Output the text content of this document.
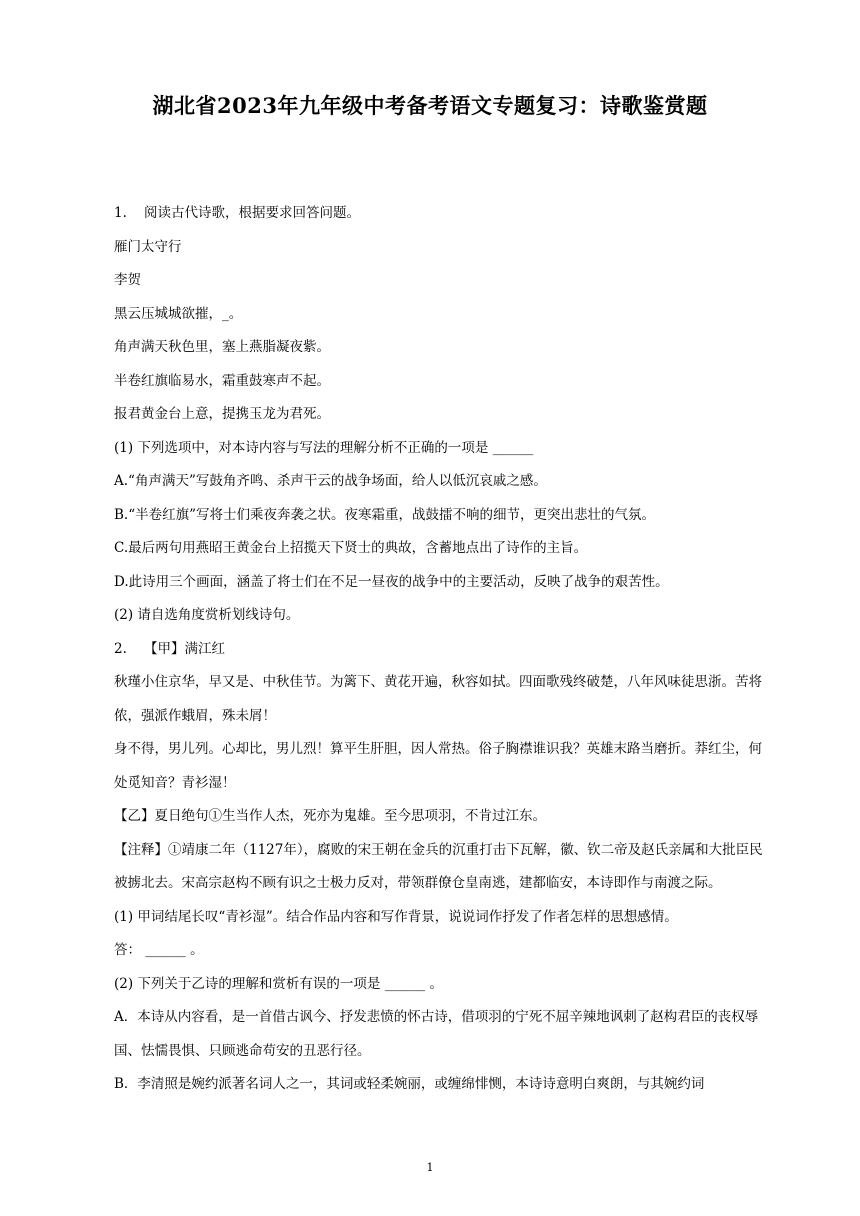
湖北省2023年九年级中考备考语文专题复习：诗歌鉴赏题
1. 阅读古代诗歌，根据要求回答问题。
雁门太守行
李贺
黑云压城城欲摧，_。
角声满天秋色里，塞上燕脂凝夜紫。
半卷红旗临易水，霜重鼓寒声不起。
报君黄金台上意，提携玉龙为君死。
(1) 下列选项中，对本诗内容与写法的理解分析不正确的一项是 ______
A.“角声满天”写鼓角齐鸣、杀声干云的战争场面，给人以低沉哀戚之感。
B.“半卷红旗”写将士们乘夜奔袭之状。夜寒霜重，战鼓擂不响的细节，更突出悲壮的气氛。
C.最后两句用燕昭王黄金台上招揽天下贤士的典故，含蓄地点出了诗作的主旨。
D.此诗用三个画面，涵盖了将士们在不足一昼夜的战争中的主要活动，反映了战争的艰苦性。
(2) 请自选角度赏析划线诗句。
2. 【甲】满江红
秋瑾小住京华，早又是、中秋佳节。为篱下、黄花开遍，秋容如拭。四面歌残终破楚，八年风味徒思浙。苦将侬，强派作蛾眉，殊未屑！
身不得，男儿列。心却比，男儿烈！算平生肝胆，因人常热。俗子胸襟谁识我？英雄末路当磨折。莽红尘，何处觅知音？青衫湿！
【乙】夏日绝句①生当作人杰，死亦为鬼雄。至今思项羽，不肯过江东。
【注释】①靖康二年（1127年），腐败的宋王朝在金兵的沉重打击下瓦解，徽、钦二帝及赵氏亲属和大批臣民被掳北去。宋高宗赵构不顾有识之士极力反对，带领群僚仓皇南逃，建都临安，本诗即作与南渡之际。
(1) 甲词结尾长叹“青衫湿”。结合作品内容和写作背景，说说词作抒发了作者怎样的思想感情。
答： ______ 。
(2) 下列关于乙诗的理解和赏析有误的一项是 ______ 。
A．本诗从内容看，是一首借古讽今、抒发悲愤的怀古诗，借项羽的宁死不屈辛辣地讽刺了赵构君臣的丧权辱国、怯懦畏惧、只顾逃命苟安的丑恶行径。
B．李清照是婉约派著名词人之一，其词或轻柔婉丽，或缠绵悱恻，本诗诗意明白爽朗，与其婉约词
1
